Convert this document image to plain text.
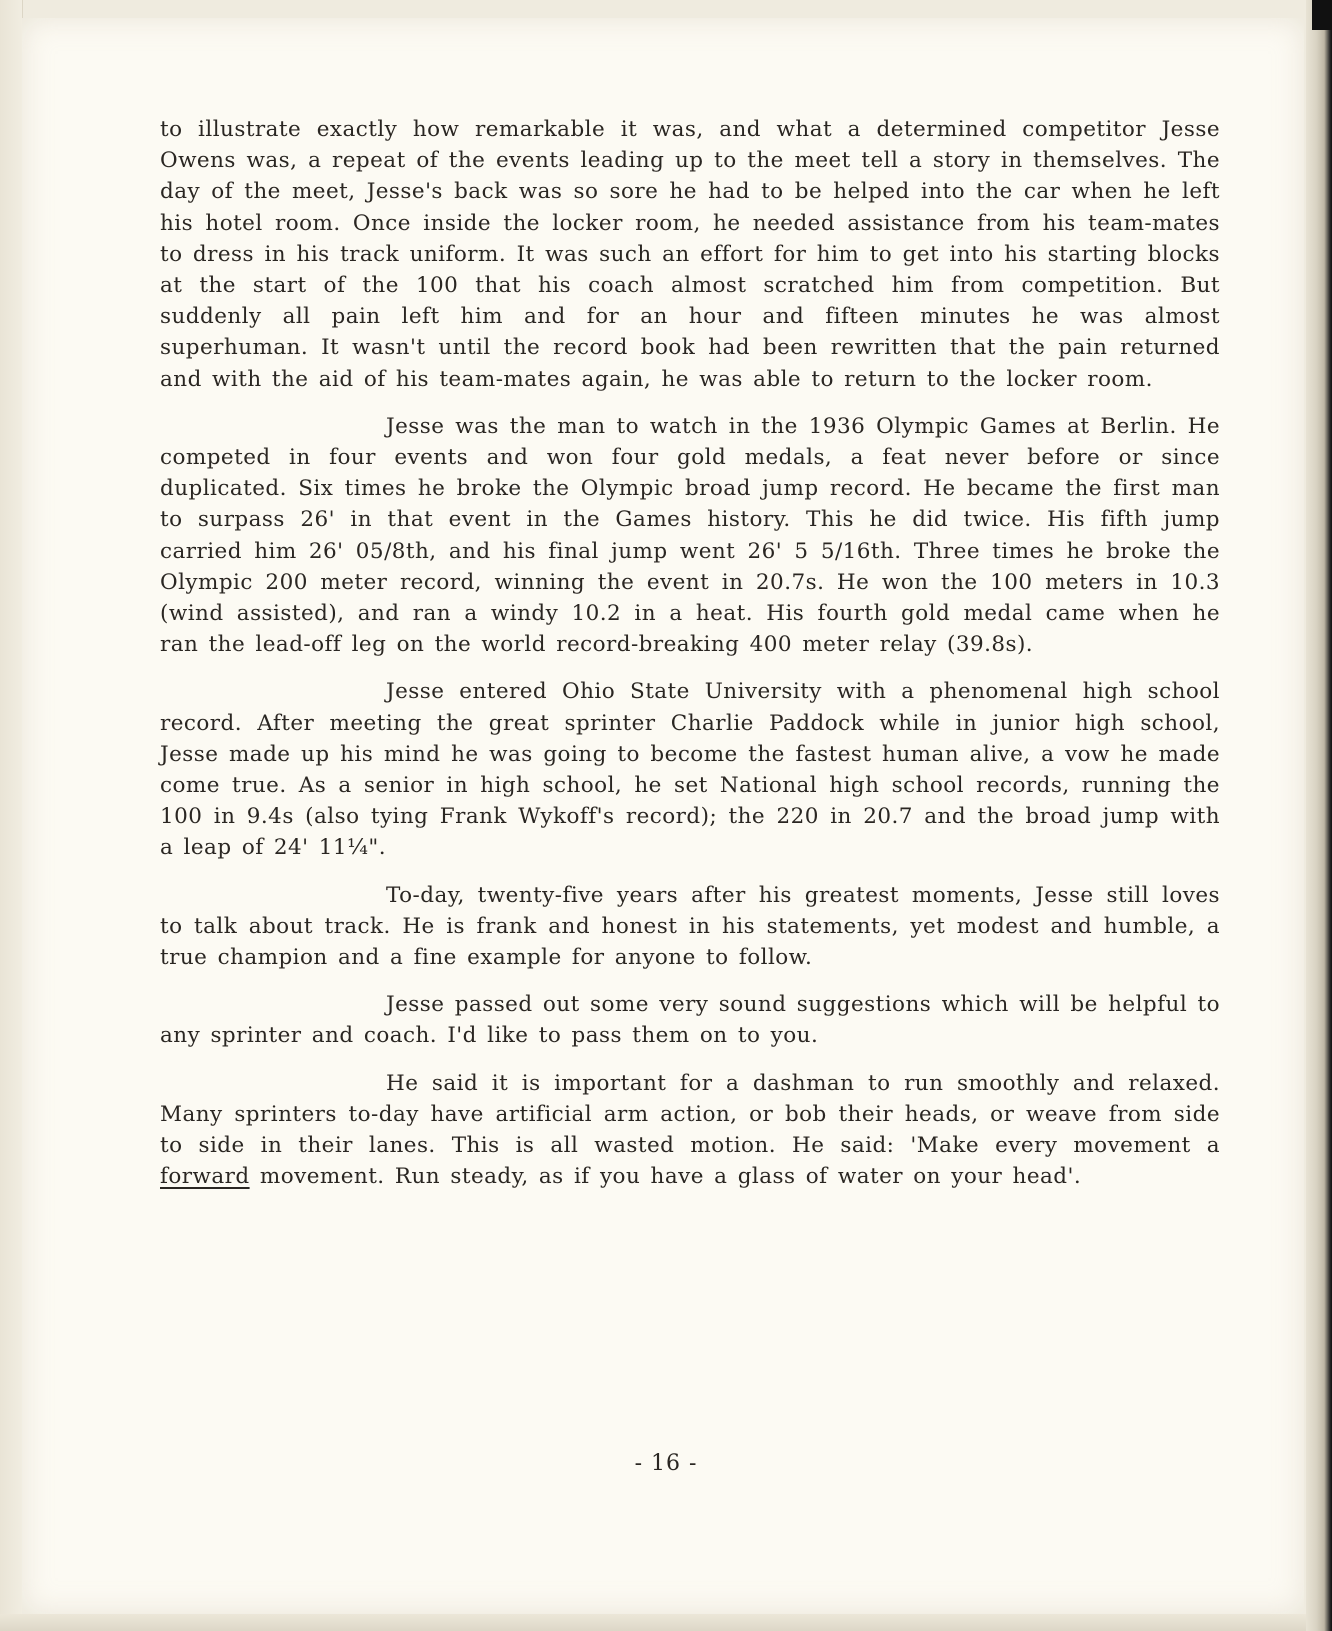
to illustrate exactly how remarkable it was, and what a determined competitor Jesse Owens was, a repeat of the events leading up to the meet tell a story in themselves. The day of the meet, Jesse's back was so sore he had to be helped into the car when he left his hotel room. Once inside the locker room, he needed assistance from his team-mates to dress in his track uniform. It was such an effort for him to get into his starting blocks at the start of the 100 that his coach almost scratched him from competition. But suddenly all pain left him and for an hour and fifteen minutes he was almost superhuman. It wasn't until the record book had been rewritten that the pain returned and with the aid of his team-mates again, he was able to return to the locker room.

Jesse was the man to watch in the 1936 Olympic Games at Berlin. He competed in four events and won four gold medals, a feat never before or since duplicated. Six times he broke the Olympic broad jump record. He became the first man to surpass 26' in that event in the Games history. This he did twice. His fifth jump carried him 26' 05/8th, and his final jump went 26' 5 5/16th. Three times he broke the Olympic 200 meter record, winning the event in 20.7s. He won the 100 meters in 10.3 (wind assisted), and ran a windy 10.2 in a heat. His fourth gold medal came when he ran the lead-off leg on the world record-breaking 400 meter relay (39.8s).

Jesse entered Ohio State University with a phenomenal high school record. After meeting the great sprinter Charlie Paddock while in junior high school, Jesse made up his mind he was going to become the fastest human alive, a vow he made come true. As a senior in high school, he set National high school records, running the 100 in 9.4s (also tying Frank Wykoff's record); the 220 in 20.7 and the broad jump with a leap of 24' 11¼".

To-day, twenty-five years after his greatest moments, Jesse still loves to talk about track. He is frank and honest in his statements, yet modest and humble, a true champion and a fine example for anyone to follow.

Jesse passed out some very sound suggestions which will be helpful to any sprinter and coach. I'd like to pass them on to you.

He said it is important for a dashman to run smoothly and relaxed. Many sprinters to-day have artificial arm action, or bob their heads, or weave from side to side in their lanes. This is all wasted motion. He said: 'Make every movement a forward movement. Run steady, as if you have a glass of water on your head'.

- 16 -
